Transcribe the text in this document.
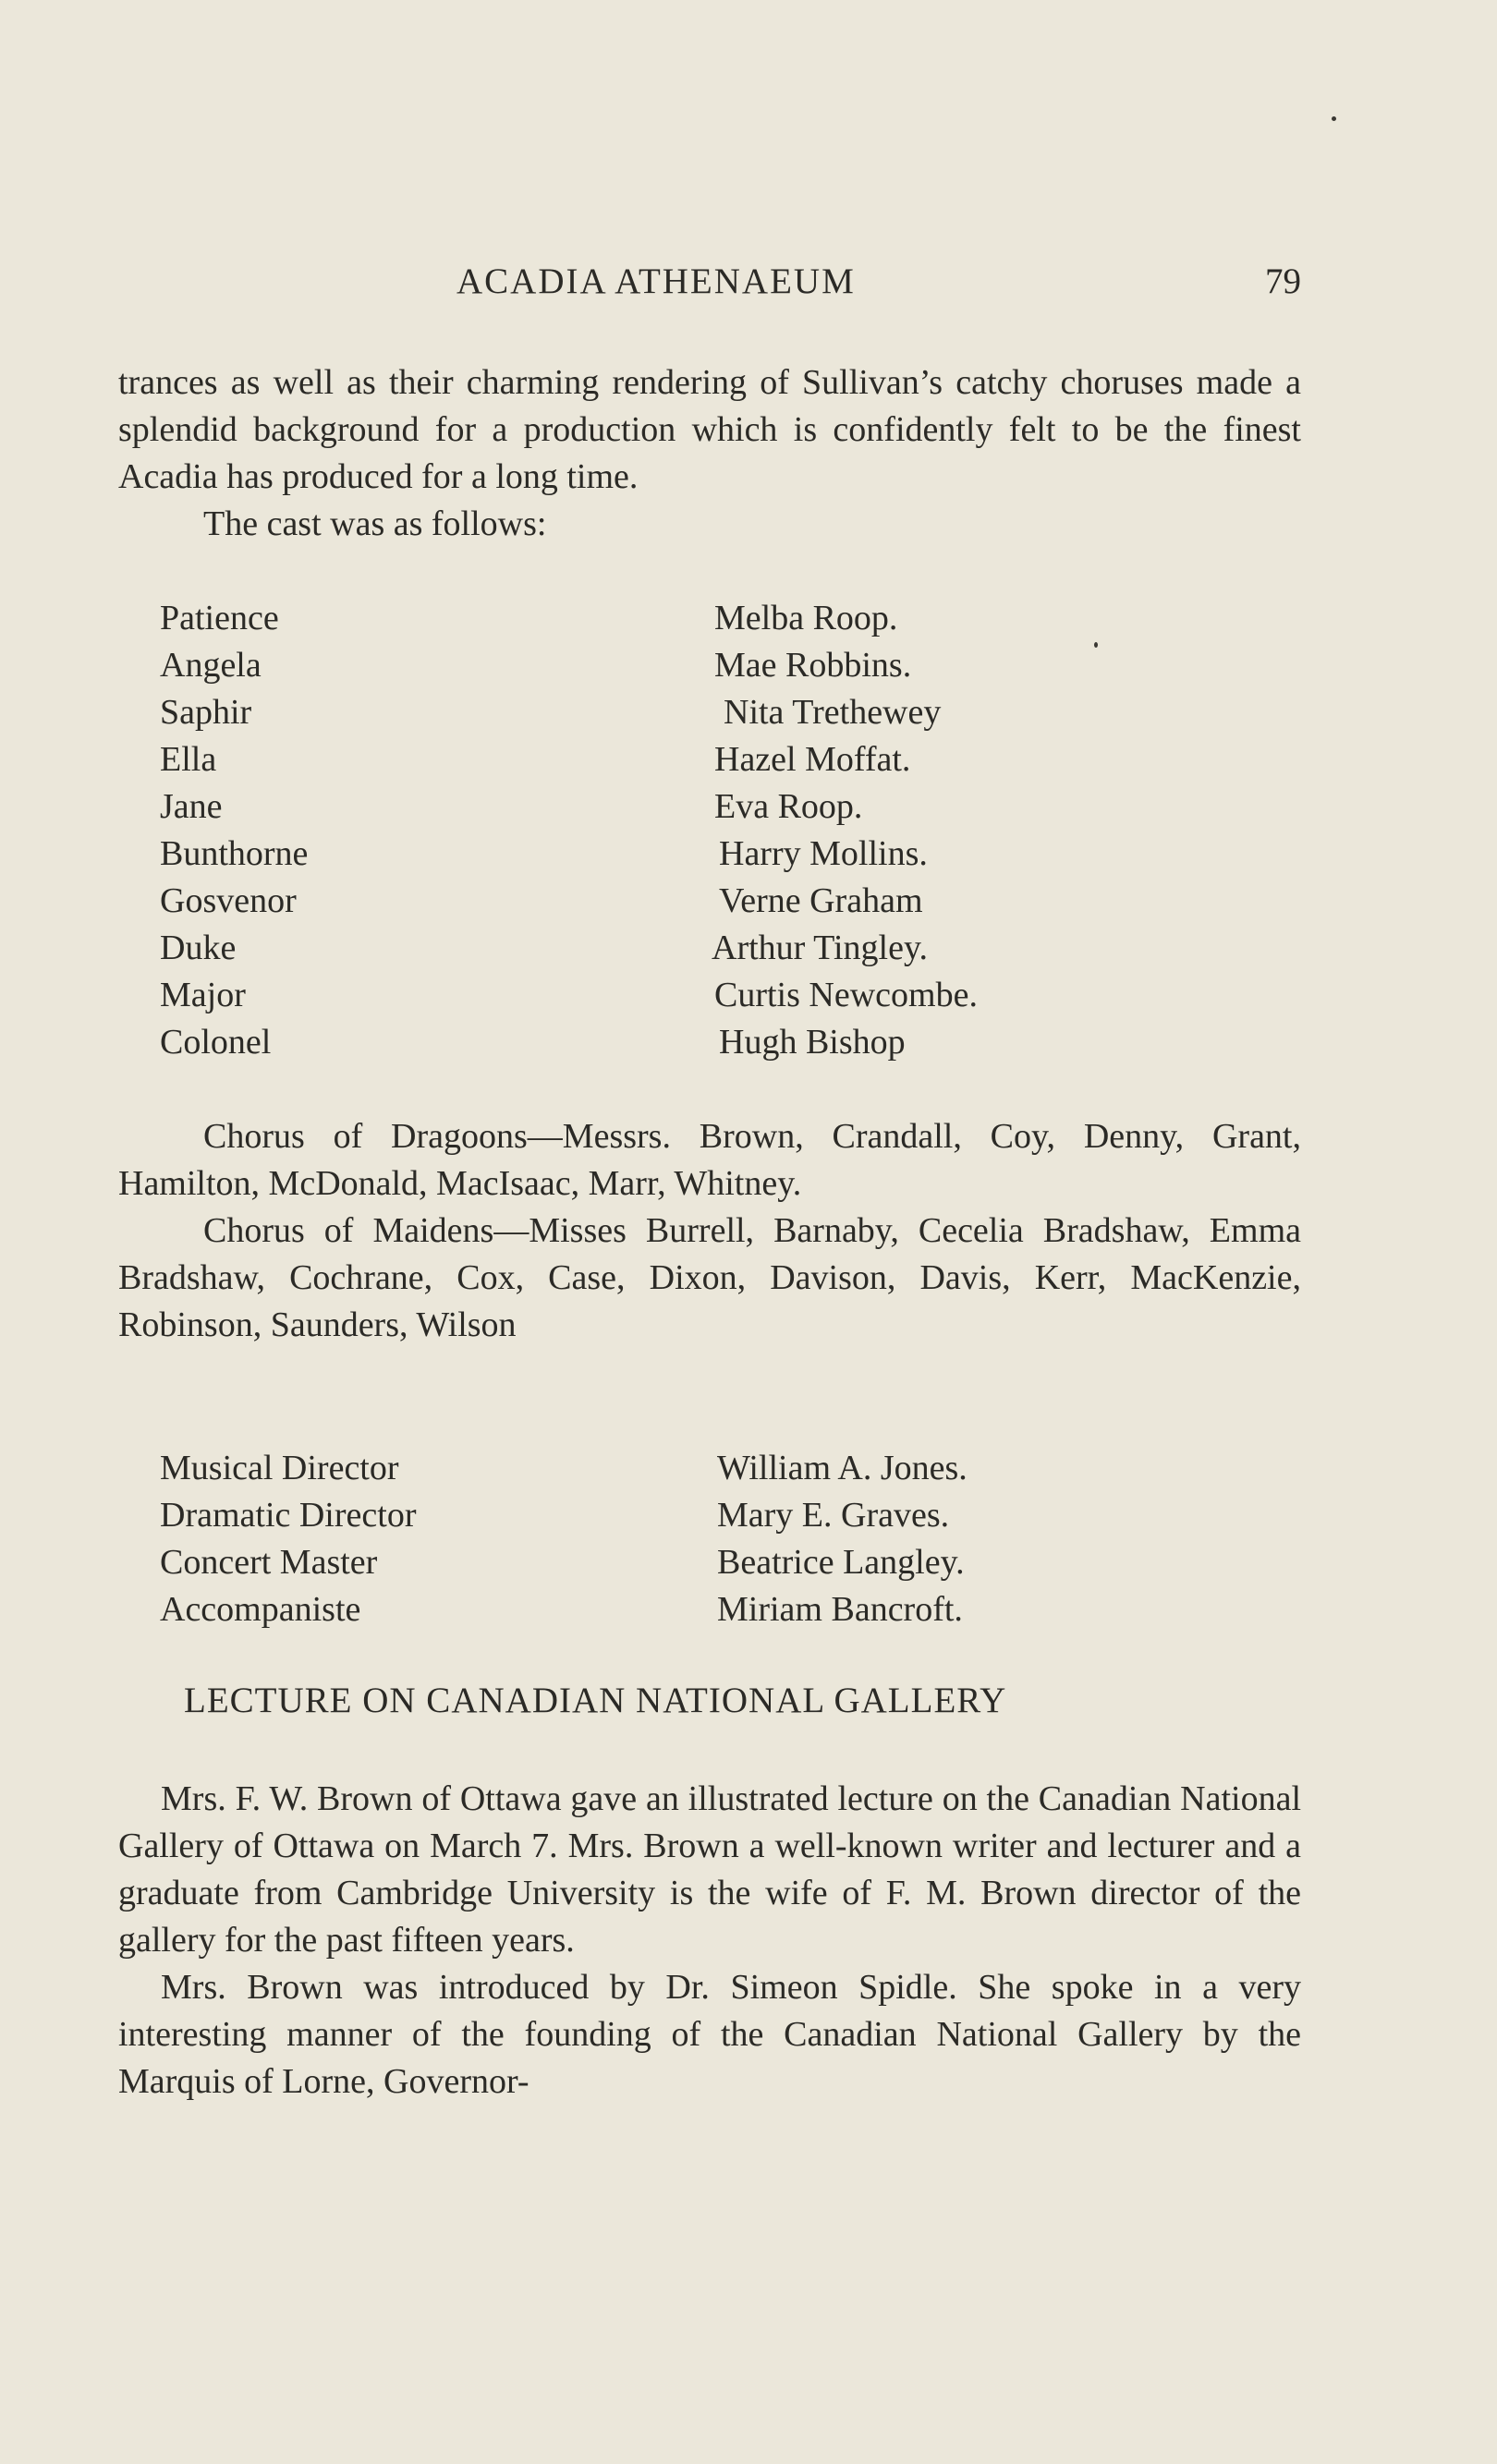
ACADIA ATHENAEUM	79

trances as well as their charming rendering of Sullivan’s catchy choruses made a splendid background for a production which is confidently felt to be the finest Acadia has produced for a long time.

The cast was as follows:

Patience	Melba Roop.
Angela	Mae Robbins.
Saphir	Nita Trethewey
Ella	Hazel Moffat.
Jane	Eva Roop.
Bunthorne	Harry Mollins.
Gosvenor	Verne Graham
Duke	Arthur Tingley.
Major	Curtis Newcombe.
Colonel	Hugh Bishop

Chorus of Dragoons—Messrs. Brown, Crandall, Coy, Denny, Grant, Hamilton, McDonald, MacIsaac, Marr, Whitney.

Chorus of Maidens—Misses Burrell, Barnaby, Cecelia Bradshaw, Emma Bradshaw, Cochrane, Cox, Case, Dixon, Davison, Davis, Kerr, MacKenzie, Robinson, Saunders, Wilson

Musical Director	William A. Jones.
Dramatic Director	Mary E. Graves.
Concert Master	Beatrice Langley.
Accompaniste	Miriam Bancroft.
LECTURE ON CANADIAN NATIONAL GALLERY

Mrs. F. W. Brown of Ottawa gave an illustrated lecture on the Canadian National Gallery of Ottawa on March 7. Mrs. Brown a well-known writer and lecturer and a graduate from Cambridge University is the wife of F. M. Brown director of the gallery for the past fifteen years.

Mrs. Brown was introduced by Dr. Simeon Spidle. She spoke in a very interesting manner of the founding of the Canadian National Gallery by the Marquis of Lorne, Governor-
